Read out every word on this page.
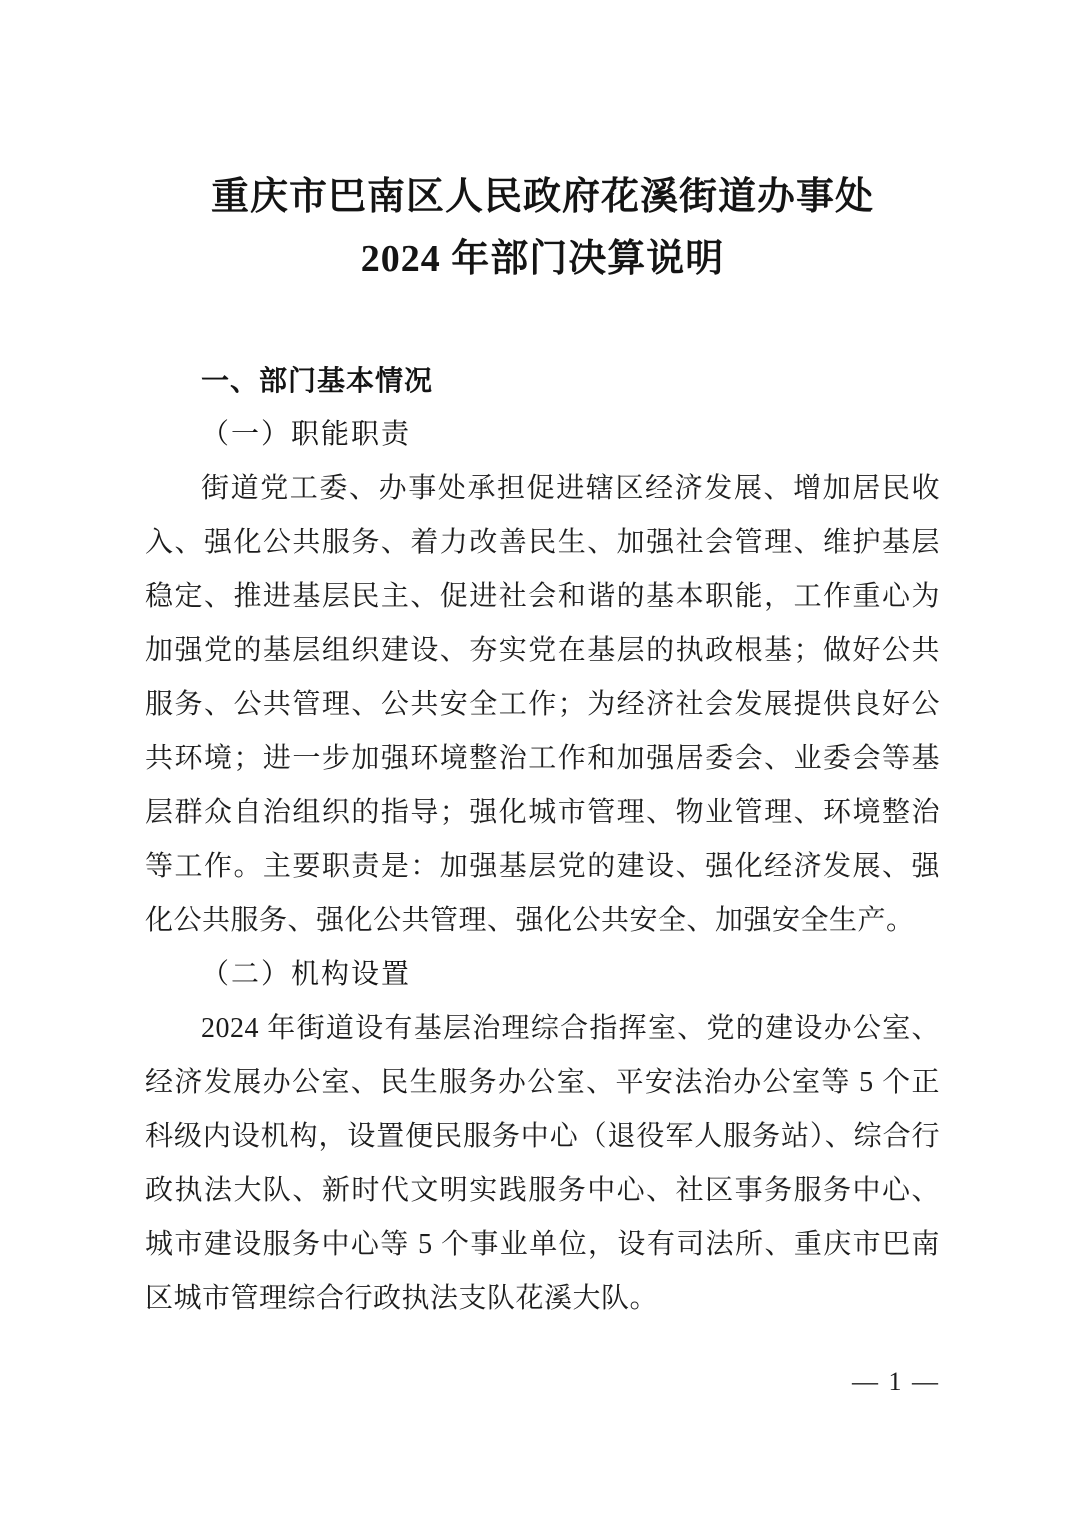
重庆市巴南区人民政府花溪街道办事处
2024 年部门决算说明
一、部门基本情况
（一）职能职责

街道党工委、办事处承担促进辖区经济发展、增加居民收入、强化公共服务、着力改善民生、加强社会管理、维护基层稳定、推进基层民主、促进社会和谐的基本职能，工作重心为加强党的基层组织建设、夯实党在基层的执政根基；做好公共服务、公共管理、公共安全工作；为经济社会发展提供良好公共环境；进一步加强环境整治工作和加强居委会、业委会等基层群众自治组织的指导；强化城市管理、物业管理、环境整治等工作。主要职责是：加强基层党的建设、强化经济发展、强化公共服务、强化公共管理、强化公共安全、加强安全生产。

（二）机构设置

2024 年街道设有基层治理综合指挥室、党的建设办公室、经济发展办公室、民生服务办公室、平安法治办公室等 5 个正科级内设机构，设置便民服务中心（退役军人服务站）、综合行政执法大队、新时代文明实践服务中心、社区事务服务中心、城市建设服务中心等 5 个事业单位，设有司法所、重庆市巴南区城市管理综合行政执法支队花溪大队。

— 1 —
